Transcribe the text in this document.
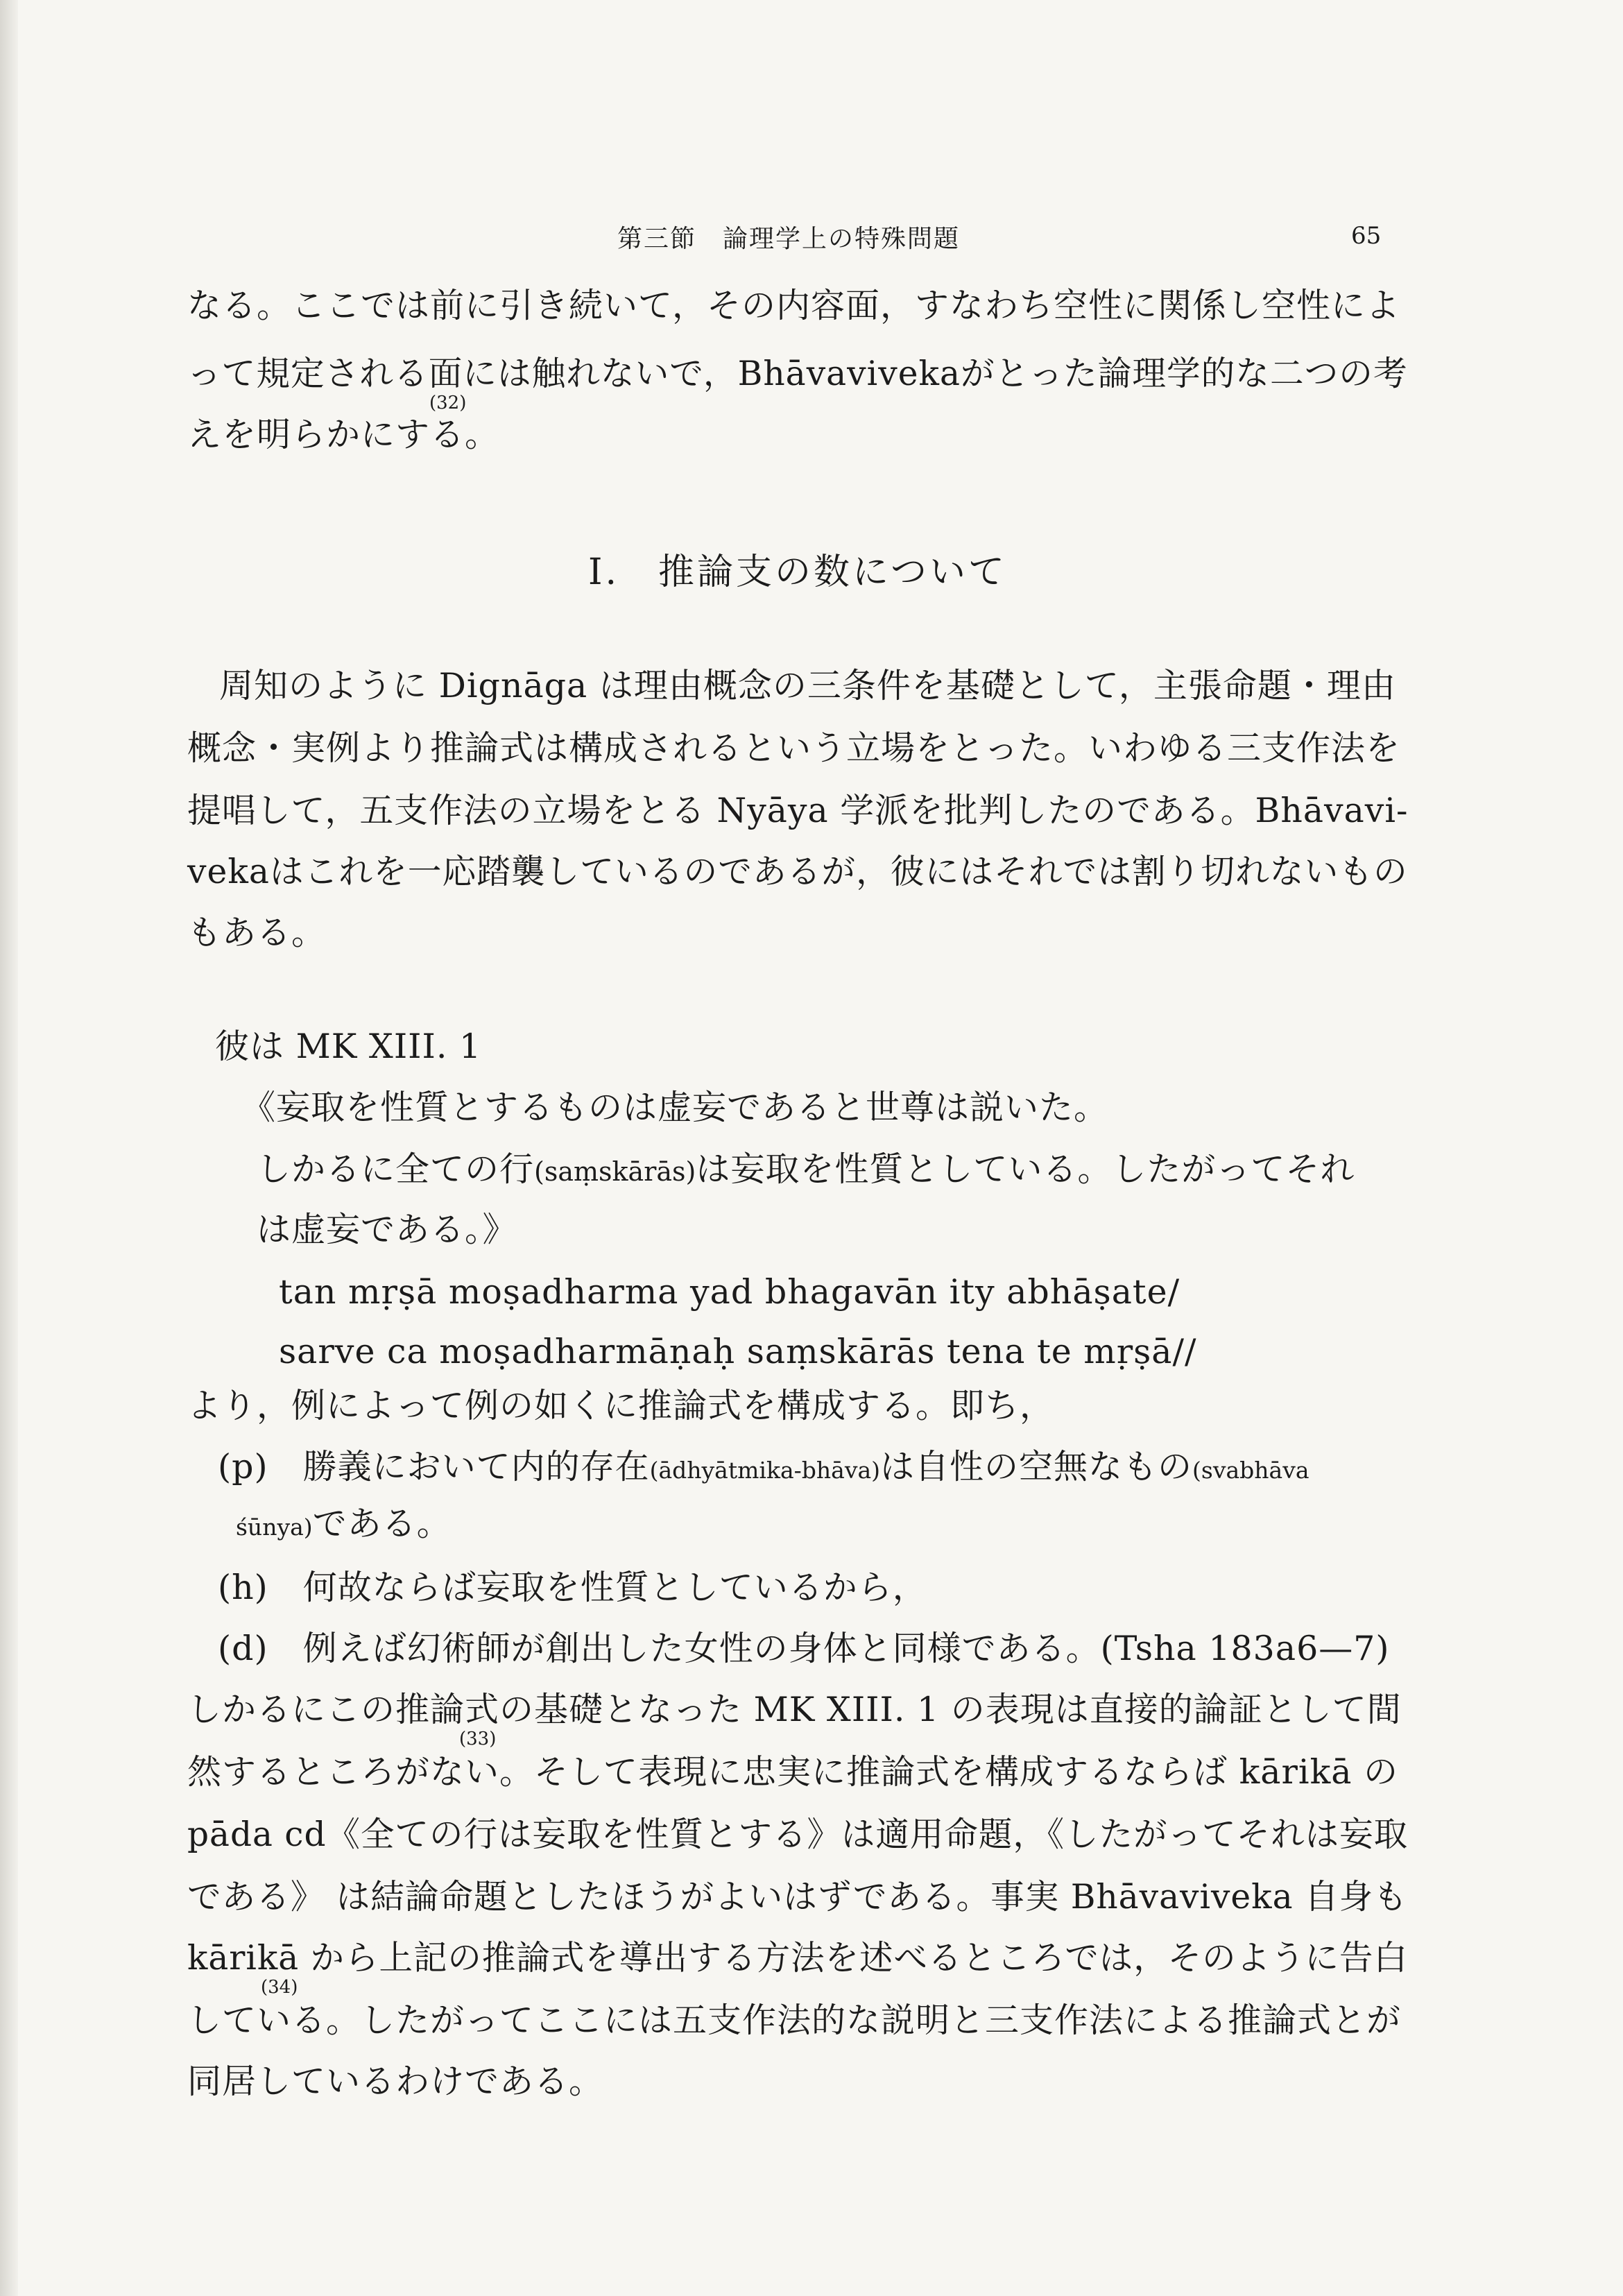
第三節　論理学上の特殊問題	65
なる。ここでは前に引き続いて，その内容面，すなわち空性に関係し空性によ
って規定される面には触れないで，Bhāvavivekaがとった論理学的な二つの考
えを明らかにする。
(32)
I.　推論支の数について
周知のように Dignāga は理由概念の三条件を基礎として，主張命題・理由
概念・実例より推論式は構成されるという立場をとった。いわゆる三支作法を
提唱して，五支作法の立場をとる Nyāya 学派を批判したのである。Bhāvavi-
vekaはこれを一応踏襲しているのであるが，彼にはそれでは割り切れないもの
もある。
彼は MK XIII. 1
《妄取を性質とするものは虚妄であると世尊は説いた。
しかるに全ての行(saṃskārās)は妄取を性質としている。したがってそれ
は虚妄である。》
tan mṛṣā moṣadharma yad bhagavān ity abhāṣate/
sarve ca moṣadharmāṇaḥ saṃskārās tena te mṛṣā//
より，例によって例の如くに推論式を構成する。即ち，
(p)　勝義において内的存在(ādhyātmika-bhāva)は自性の空無なもの(svabhāva
śūnya)である。
(h)　何故ならば妄取を性質としているから，
(d)　例えば幻術師が創出した女性の身体と同様である。(Tsha 183a6—7)
しかるにこの推論式の基礎となった MK XIII. 1 の表現は直接的論証として間
然するところがない。そして表現に忠実に推論式を構成するならば kārikā の
(33)
pāda cd《全ての行は妄取を性質とする》は適用命題，《したがってそれは妄取
である》 は結論命題としたほうがよいはずである。事実 Bhāvaviveka 自身も
kārikā から上記の推論式を導出する方法を述べるところでは，そのように告白
している。したがってここには五支作法的な説明と三支作法による推論式とが
(34)
同居しているわけである。
